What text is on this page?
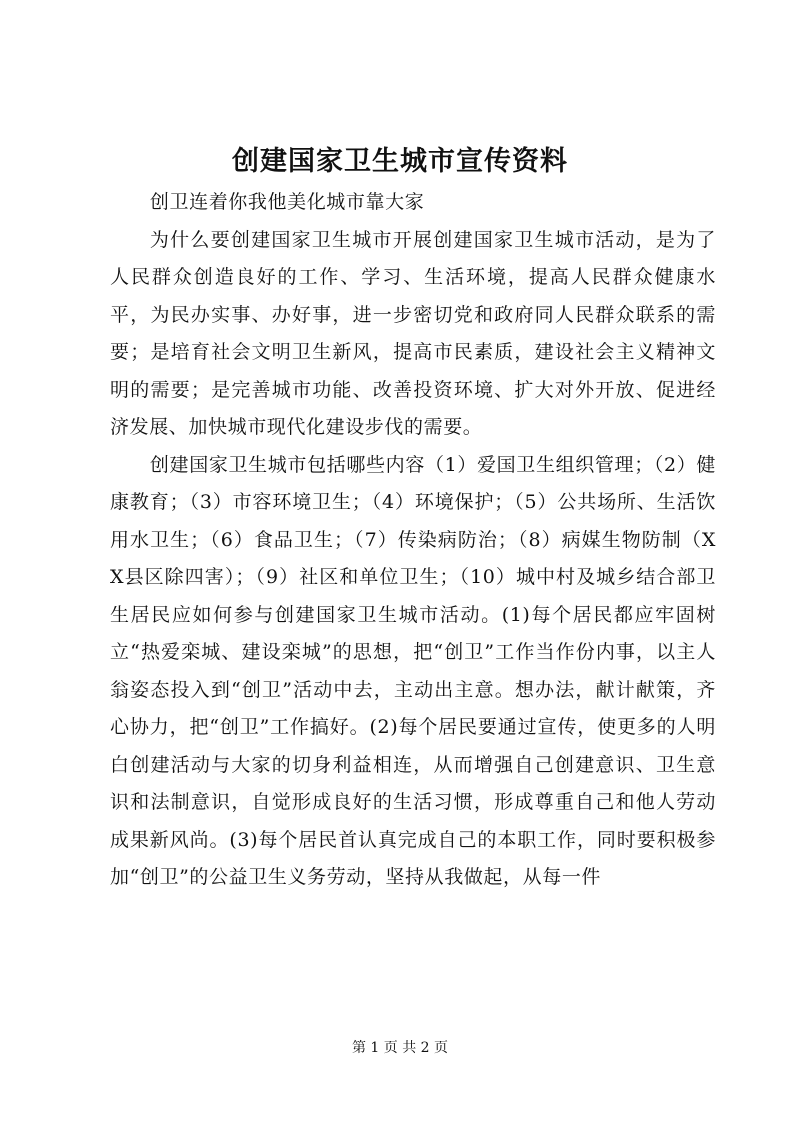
创建国家卫生城市宣传资料

创卫连着你我他美化城市靠大家

为什么要创建国家卫生城市开展创建国家卫生城市活动，是为了人民群众创造良好的工作、学习、生活环境，提高人民群众健康水平，为民办实事、办好事，进一步密切党和政府同人民群众联系的需要；是培育社会文明卫生新风，提高市民素质，建设社会主义精神文明的需要；是完善城市功能、改善投资环境、扩大对外开放、促进经济发展、加快城市现代化建设步伐的需要。

创建国家卫生城市包括哪些内容（1）爱国卫生组织管理；（2）健康教育；（3）市容环境卫生；（4）环境保护；（5）公共场所、生活饮用水卫生；（6）食品卫生；（7）传染病防治；（8）病媒生物防制（XX县区除四害）；（9）社区和单位卫生；（10）城中村及城乡结合部卫生居民应如何参与创建国家卫生城市活动。(1)每个居民都应牢固树立“热爱栾城、建设栾城”的思想，把“创卫”工作当作份内事，以主人翁姿态投入到“创卫”活动中去，主动出主意。想办法，献计献策，齐心协力，把“创卫”工作搞好。(2)每个居民要通过宣传，使更多的人明白创建活动与大家的切身利益相连，从而增强自己创建意识、卫生意识和法制意识，自觉形成良好的生活习惯，形成尊重自己和他人劳动成果新风尚。(3)每个居民首认真完成自己的本职工作，同时要积极参加“创卫”的公益卫生义务劳动，坚持从我做起，从每一件

第 1 页 共 2 页
